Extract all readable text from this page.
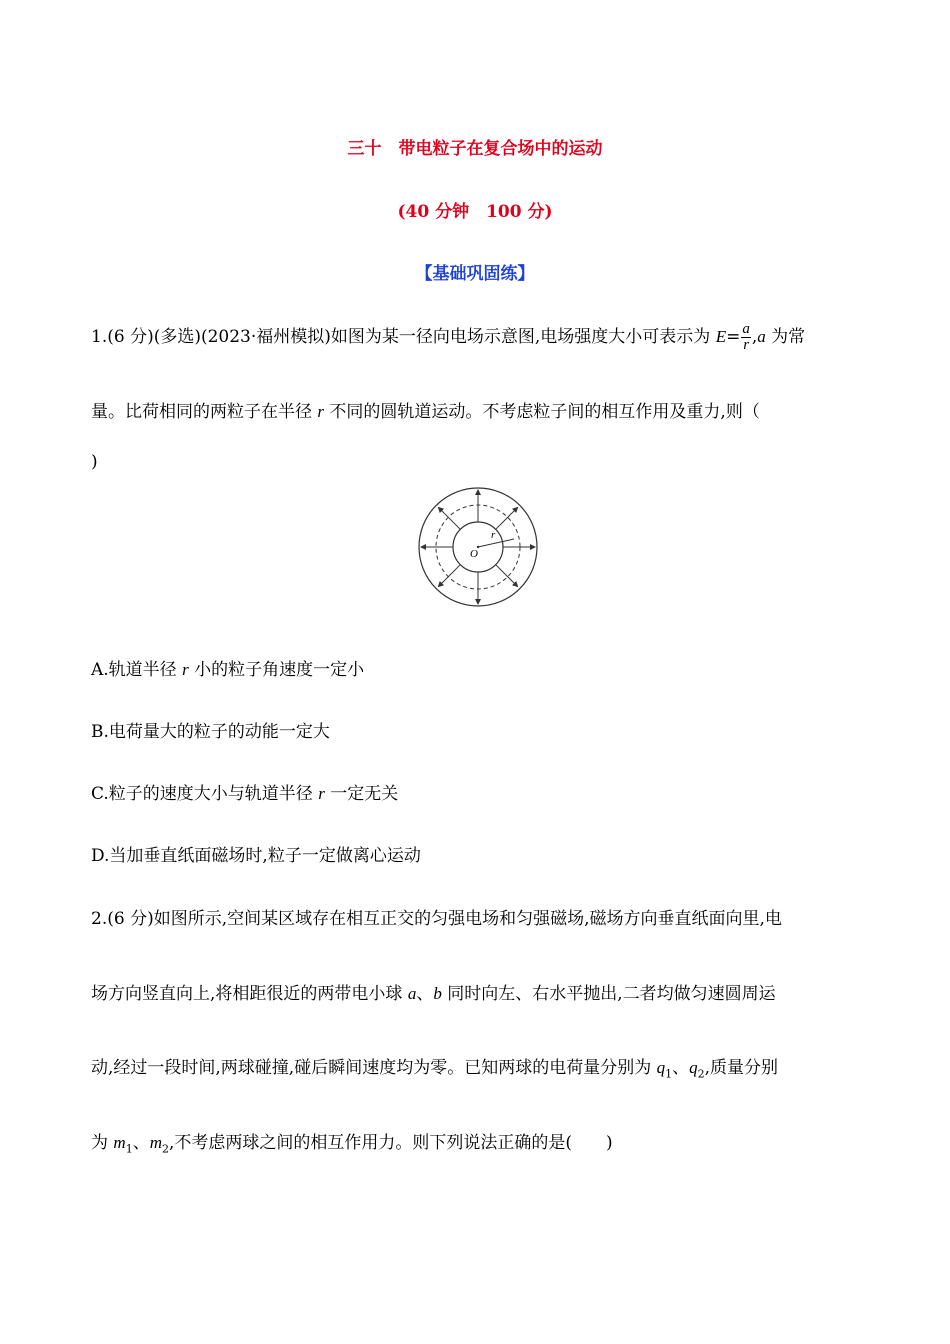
三十　带电粒子在复合场中的运动
(40 分钟　100 分)
【基础巩固练】
1.(6 分)(多选)(2023·福州模拟)如图为某一径向电场示意图,电场强度大小可表示为 $E= \frac{a}{r} ,a$ 为常
量。比荷相同的两粒子在半径 r 不同的圆轨道运动。不考虑粒子间的相互作用及重力,则（
)
r
O
A.轨道半径 r 小的粒子角速度一定小
B.电荷量大的粒子的动能一定大
C.粒子的速度大小与轨道半径 r 一定无关
D.当加垂直纸面磁场时,粒子一定做离心运动
2.(6 分)如图所示,空间某区域存在相互正交的匀强电场和匀强磁场,磁场方向垂直纸面向里,电
场方向竖直向上,将相距很近的两带电小球 a、b 同时向左、右水平抛出,二者均做匀速圆周运
动,经过一段时间,两球碰撞,碰后瞬间速度均为零。已知两球的电荷量分别为 $q_1$、$q_2$,质量分别
为 $m_1$、$m_2$,不考虑两球之间的相互作用力。则下列说法正确的是(　　)
